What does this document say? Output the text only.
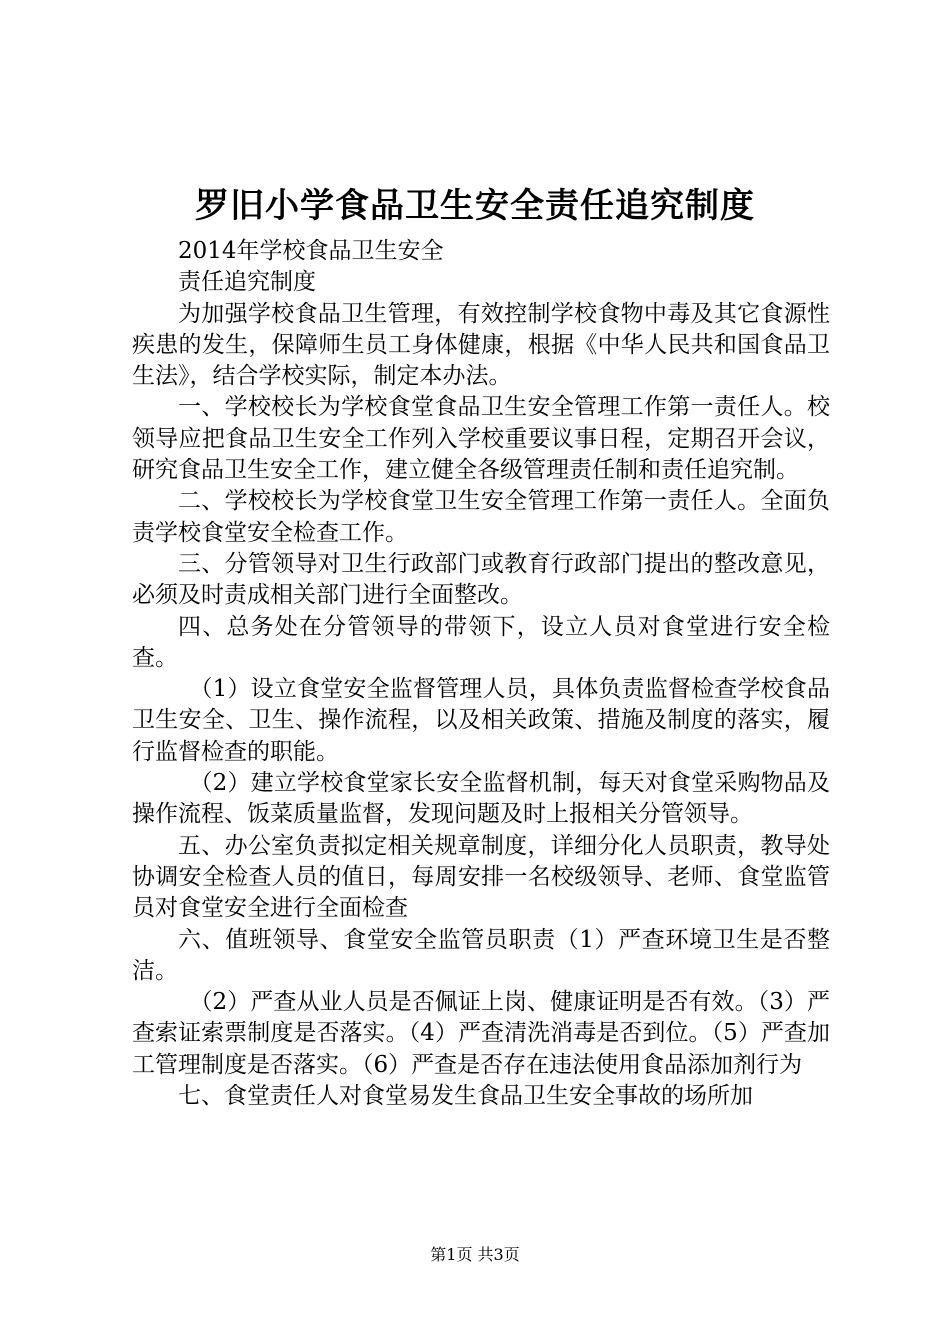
罗旧小学食品卫生安全责任追究制度

2014年学校食品卫生安全

责任追究制度

为加强学校食品卫生管理，有效控制学校食物中毒及其它食源性疾患的发生，保障师生员工身体健康，根据《中华人民共和国食品卫生法》，结合学校实际，制定本办法。

一、学校校长为学校食堂食品卫生安全管理工作第一责任人。校领导应把食品卫生安全工作列入学校重要议事日程，定期召开会议，研究食品卫生安全工作，建立健全各级管理责任制和责任追究制。

二、学校校长为学校食堂卫生安全管理工作第一责任人。全面负责学校食堂安全检查工作。

三、分管领导对卫生行政部门或教育行政部门提出的整改意见，必须及时责成相关部门进行全面整改。

四、总务处在分管领导的带领下，设立人员对食堂进行安全检查。

（1）设立食堂安全监督管理人员，具体负责监督检查学校食品卫生安全、卫生、操作流程，以及相关政策、措施及制度的落实，履行监督检查的职能。

（2）建立学校食堂家长安全监督机制，每天对食堂采购物品及操作流程、饭菜质量监督，发现问题及时上报相关分管领导。

五、办公室负责拟定相关规章制度，详细分化人员职责，教导处协调安全检查人员的值日，每周安排一名校级领导、老师、食堂监管员对食堂安全进行全面检查

六、值班领导、食堂安全监管员职责（1）严查环境卫生是否整洁。

（2）严查从业人员是否佩证上岗、健康证明是否有效。（3）严查索证索票制度是否落实。（4）严查清洗消毒是否到位。（5）严查加工管理制度是否落实。（6）严查是否存在违法使用食品添加剂行为

七、食堂责任人对食堂易发生食品卫生安全事故的场所加

第1页 共3页
